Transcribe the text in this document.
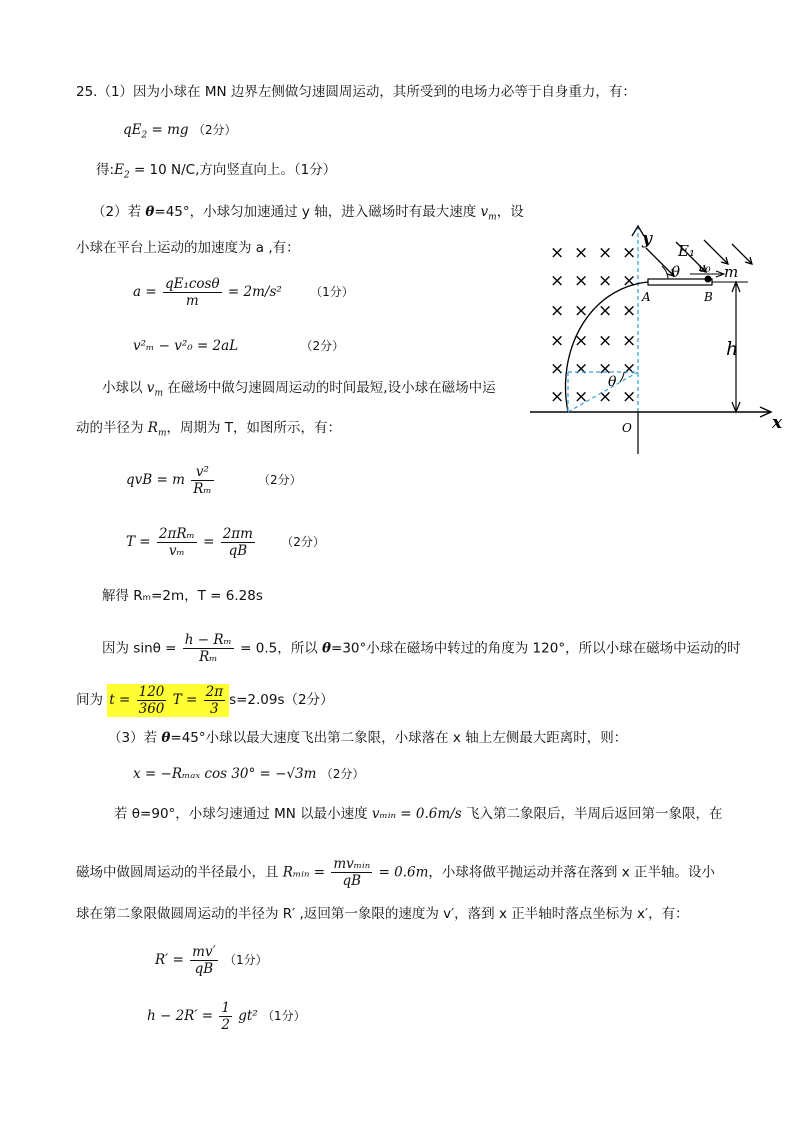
25.（1）因为小球在 MN 边界左侧做匀速圆周运动，其所受到的电场力必等于自身重力，有：
$qE_2$ = mg （2分）
得$:E_2 = 10$ N/C,方向竖直向上。（1分）
（2）若 θ=45°，小球匀加速通过 y 轴，进入磁场时有最大速度 $v_m$，设
小球在平台上运动的加速度为 a ,有：
$a = \frac{\text{qE₁cosθ}}{m} = 2m/s^2$ （1分）
v²ₘ − v²₀ = 2aL	（2分）
小球以 $v_m$ 在磁场中做匀速圆周运动的时间最短,设小球在磁场中运
动的半径为 $R_m$，周期为 T，如图所示，有：
qvB = m $\frac{\text{v²}}{\text{Rₘ}}$	（2分）
$T = \frac{\text{2πRₘ}}{\text{vₘ}} = \frac{2\pi m}{qB} (2$分）
解得 Rₘ=2m，T = 6.28s
因为 $\sin\theta = \frac{\text{h − Rₘ}}{\text{Rₘ}} = 0.5$，所以 θ=30°小球在磁场中转过的角度为 120°，所以小球在磁场中运动的时
间为 $t = \frac{120}{360}$ $T = \frac{2\pi}{3} s=2.09s(2$分）
（3）若 θ=45°小球以最大速度飞出第二象限，小球落在 x 轴上左侧最大距离时，则：
x = −Rₘₐₓ cos 30° = −√3m （2分）
若 θ=90°，小球匀速通过 MN 以最小速度 vₘᵢₙ = 0.6m/s 飞入第二象限后，半周后返回第一象限，在
磁场中做圆周运动的半径最小，且 Rₘᵢₙ = $\frac{\text{mvₘᵢₙ}}{qB} = 0.6m$，小球将做平抛运动并落在落到 x 正半轴。设小
球在第二象限做圆周运动的半径为 R′ ,返回第一象限的速度为 v′，落到 x 正半轴时落点坐标为 x′，有：
$R' = \frac{mv'}{qB} (1$分）
$h - 2R' = \frac{1}{2} gt^2$ （1分）
× × × ×
× × × ×
× × × ×
× × × ×
× × × ×
× × × ×
y
E₁
θ v₀ m
A	B
h
θ
O	x
